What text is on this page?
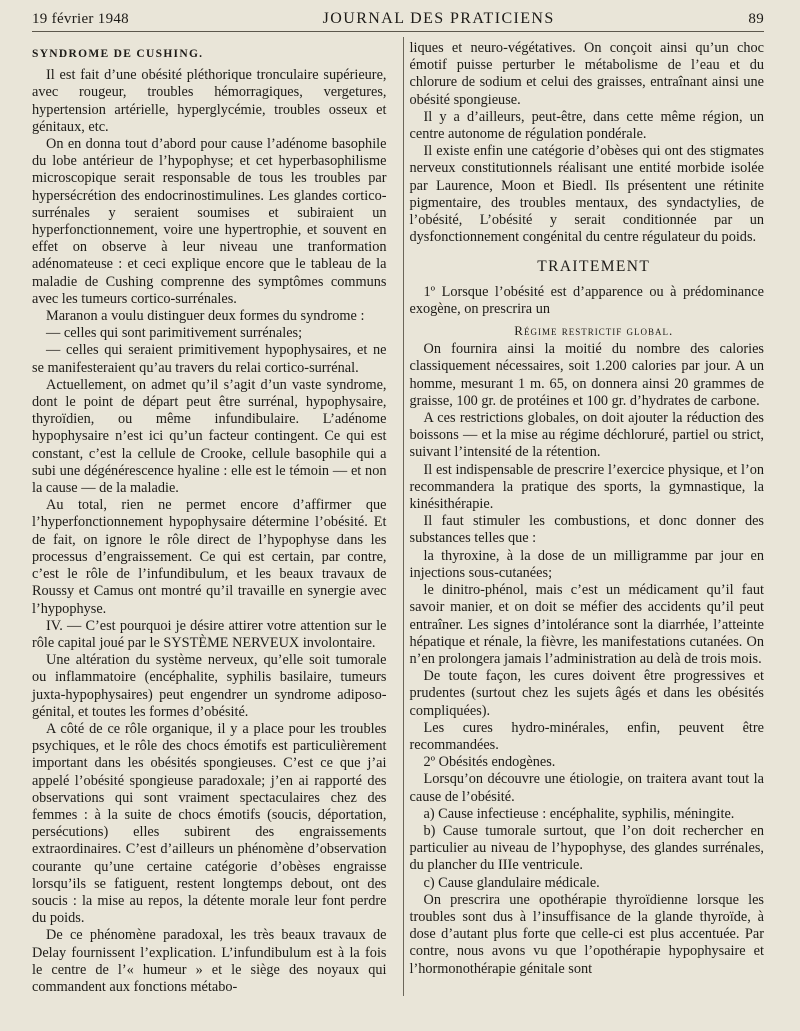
19 février 1948	JOURNAL DES PRATICIENS	89

SYNDROME DE CUSHING.

Il est fait d’une obésité pléthorique tronculaire supérieure, avec rougeur, troubles hémorragiques, vergetures, hypertension artérielle, hyperglycémie, troubles osseux et génitaux, etc.

On en donna tout d’abord pour cause l’adénome basophile du lobe antérieur de l’hypophyse; et cet hyperbasophilisme microscopique serait responsable de tous les troubles par hypersécrétion des endocrinostimulines. Les glandes cortico-surrénales y seraient soumises et subiraient un hyperfonctionnement, voire une hypertrophie, et souvent en effet on observe à leur niveau une tranformation adénomateuse : et ceci explique encore que le tableau de la maladie de Cushing comprenne des symptômes communs avec les tumeurs cortico-surrénales.

Maranon a voulu distinguer deux formes du syndrome :

— celles qui sont parimitivement surrénales;

— celles qui seraient primitivement hypophysaires, et ne se manifesteraient qu’au travers du relai cortico-surrénal.

Actuellement, on admet qu’il s’agit d’un vaste syndrome, dont le point de départ peut être surrénal, hypophysaire, thyroïdien, ou même infundibulaire. L’adénome hypophysaire n’est ici qu’un facteur contingent. Ce qui est constant, c’est la cellule de Crooke, cellule basophile qui a subi une dégénérescence hyaline : elle est le témoin — et non la cause — de la maladie.

Au total, rien ne permet encore d’affirmer que l’hyperfonctionnement hypophysaire détermine l’obésité. Et de fait, on ignore le rôle direct de l’hypophyse dans les processus d’engraissement. Ce qui est certain, par contre, c’est le rôle de l’infundibulum, et les beaux travaux de Roussy et Camus ont montré qu’il travaille en synergie avec l’hypophyse.

IV. — C’est pourquoi je désire attirer votre attention sur le rôle capital joué par le SYSTÈME NERVEUX involontaire.

Une altération du système nerveux, qu’elle soit tumorale ou inflammatoire (encéphalite, syphilis basilaire, tumeurs juxta-hypophysaires) peut engendrer un syndrome adiposo-génital, et toutes les formes d’obésité.

A côté de ce rôle organique, il y a place pour les troubles psychiques, et le rôle des chocs émotifs est particulièrement important dans les obésités spongieuses. C’est ce que j’ai appelé l’obésité spongieuse paradoxale; j’en ai rapporté des observations qui sont vraiment spectaculaires chez des femmes : à la suite de chocs émotifs (soucis, déportation, persécutions) elles subirent des engraissements extraordinaires. C’est d’ailleurs un phénomène d’observation courante qu’une certaine catégorie d’obèses engraisse lorsqu’ils se fatiguent, restent longtemps debout, ont des soucis : la mise au repos, la détente morale leur font perdre du poids.

De ce phénomène paradoxal, les très beaux travaux de Delay fournissent l’explication. L’infundibulum est à la fois le centre de l’« humeur » et le siège des noyaux qui commandent aux fonctions métabo-

liques et neuro-végétatives. On conçoit ainsi qu’un choc émotif puisse perturber le métabolisme de l’eau et du chlorure de sodium et celui des graisses, entraînant ainsi une obésité spongieuse.

Il y a d’ailleurs, peut-être, dans cette même région, un centre autonome de régulation pondérale.

Il existe enfin une catégorie d’obèses qui ont des stigmates nerveux constitutionnels réalisant une entité morbide isolée par Laurence, Moon et Biedl. Ils présentent une rétinite pigmentaire, des troubles mentaux, des syndactylies, de l’obésité, L’obésité y serait conditionnée par un dysfonctionnement congénital du centre régulateur du poids.

TRAITEMENT

1º Lorsque l’obésité est d’apparence ou à prédominance exogène, on prescrira un

Régime restrictif global.

On fournira ainsi la moitié du nombre des calories classiquement nécessaires, soit 1.200 calories par jour. A un homme, mesurant 1 m. 65, on donnera ainsi 20 grammes de graisse, 100 gr. de protéines et 100 gr. d’hydrates de carbone.

A ces restrictions globales, on doit ajouter la réduction des boissons — et la mise au régime déchloruré, partiel ou strict, suivant l’intensité de la rétention.

Il est indispensable de prescrire l’exercice physique, et l’on recommandera la pratique des sports, la gymnastique, la kinésithérapie.

Il faut stimuler les combustions, et donc donner des substances telles que :

la thyroxine, à la dose de un milligramme par jour en injections sous-cutanées;

le dinitro-phénol, mais c’est un médicament qu’il faut savoir manier, et on doit se méfier des accidents qu’il peut entraîner. Les signes d’intolérance sont la diarrhée, l’atteinte hépatique et rénale, la fièvre, les manifestations cutanées. On n’en prolongera jamais l’administration au delà de trois mois.

De toute façon, les cures doivent être progressives et prudentes (surtout chez les sujets âgés et dans les obésités compliquées).

Les cures hydro-minérales, enfin, peuvent être recommandées.

2º Obésités endogènes.

Lorsqu’on découvre une étiologie, on traitera avant tout la cause de l’obésité.

a) Cause infectieuse : encéphalite, syphilis, méningite.

b) Cause tumorale surtout, que l’on doit rechercher en particulier au niveau de l’hypophyse, des glandes surrénales, du plancher du IIIe ventricule.

c) Cause glandulaire médicale.

On prescrira une opothérapie thyroïdienne lorsque les troubles sont dus à l’insuffisance de la glande thyroïde, à dose d’autant plus forte que celle-ci est plus accentuée. Par contre, nous avons vu que l’opothérapie hypophysaire et l’hormonothérapie génitale sont
